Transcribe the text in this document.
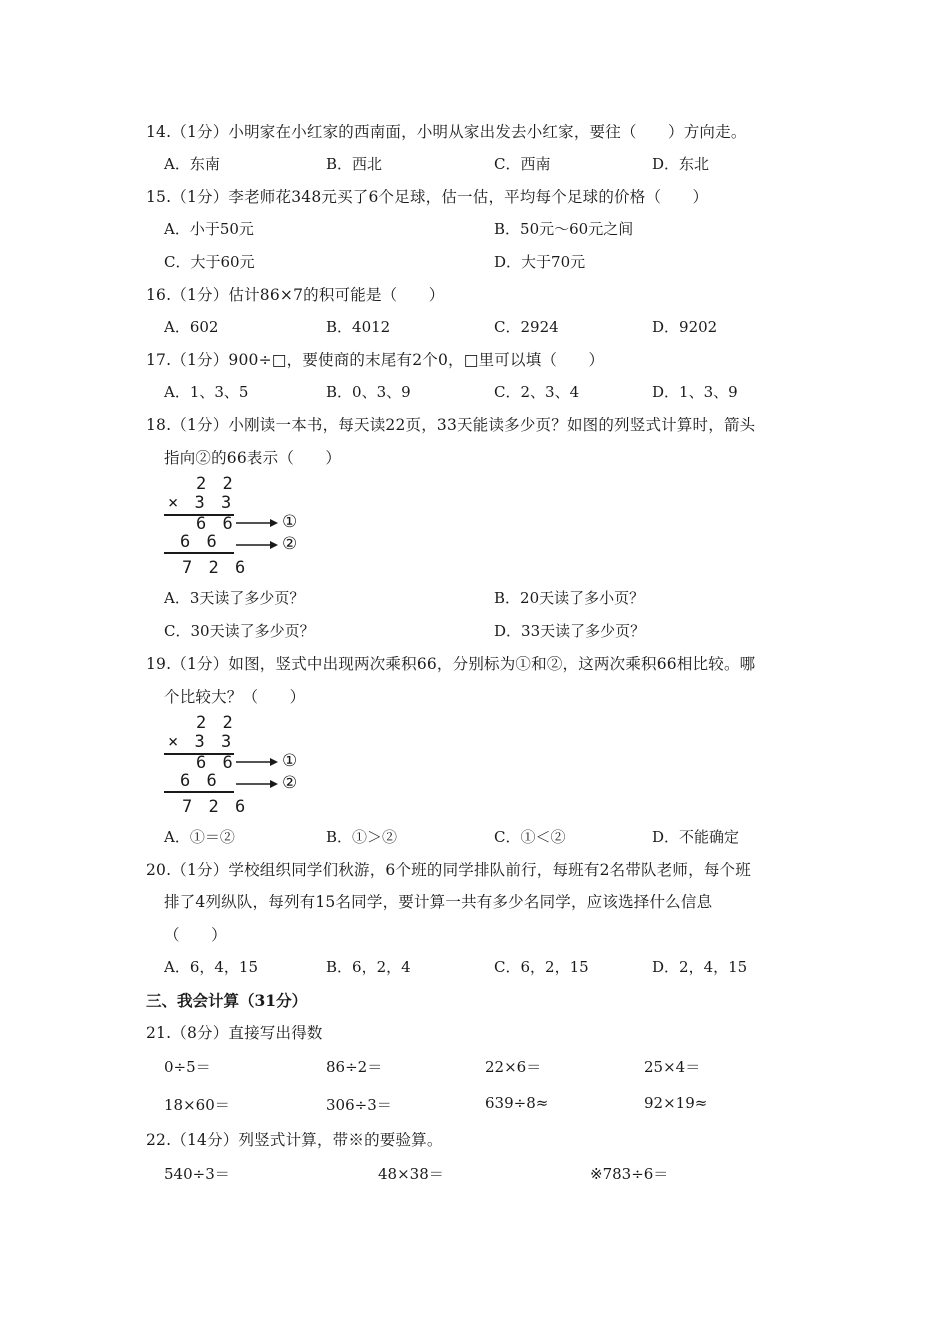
14.（1分）小明家在小红家的西南面，小明从家出发去小红家，要往（　　）方向走。
A．东南	B．西北	C．西南	D．东北
15.（1分）李老师花348元买了6个足球，估一估，平均每个足球的价格（　　）
A．小于50元	B．50元～60元之间
C．大于60元	D．大于70元
16.（1分）估计86×7的积可能是（　　）
A．602	B．4012	C．2924	D．9202
17.（1分）900÷□，要使商的末尾有2个0，□里可以填（　　）
A．1、3、5	B．0、3、9	C．2、3、4	D．1、3、9
18.（1分）小刚读一本书，每天读22页，33天能读多少页？如图的列竖式计算时，箭头
指向②的66表示（　　）
2 2
× 3 3
6 6
6 6
7 2 6
①
②
A．3天读了多少页？	B．20天读了多小页？
C．30天读了多少页？	D．33天读了多少页？
19.（1分）如图，竖式中出现两次乘积66，分别标为①和②，这两次乘积66相比较。哪
个比较大？（　　）
2 2
× 3 3
6 6
6 6
7 2 6
①
②
A．①＝②	B．①＞②	C．①＜②	D．不能确定
20.（1分）学校组织同学们秋游，6个班的同学排队前行，每班有2名带队老师，每个班
排了4列纵队，每列有15名同学，要计算一共有多少名同学，应该选择什么信息
（　　）
A．6，4，15	B．6，2，4	C．6，2，15	D．2，4，15
三、我会计算（31分）
21.（8分）直接写出得数
0÷5＝	86÷2＝	22×6＝	25×4＝
18×60＝	306÷3＝	639÷8≈	92×19≈
22.（14分）列竖式计算，带※的要验算。
540÷3＝	48×38＝	※783÷6＝
